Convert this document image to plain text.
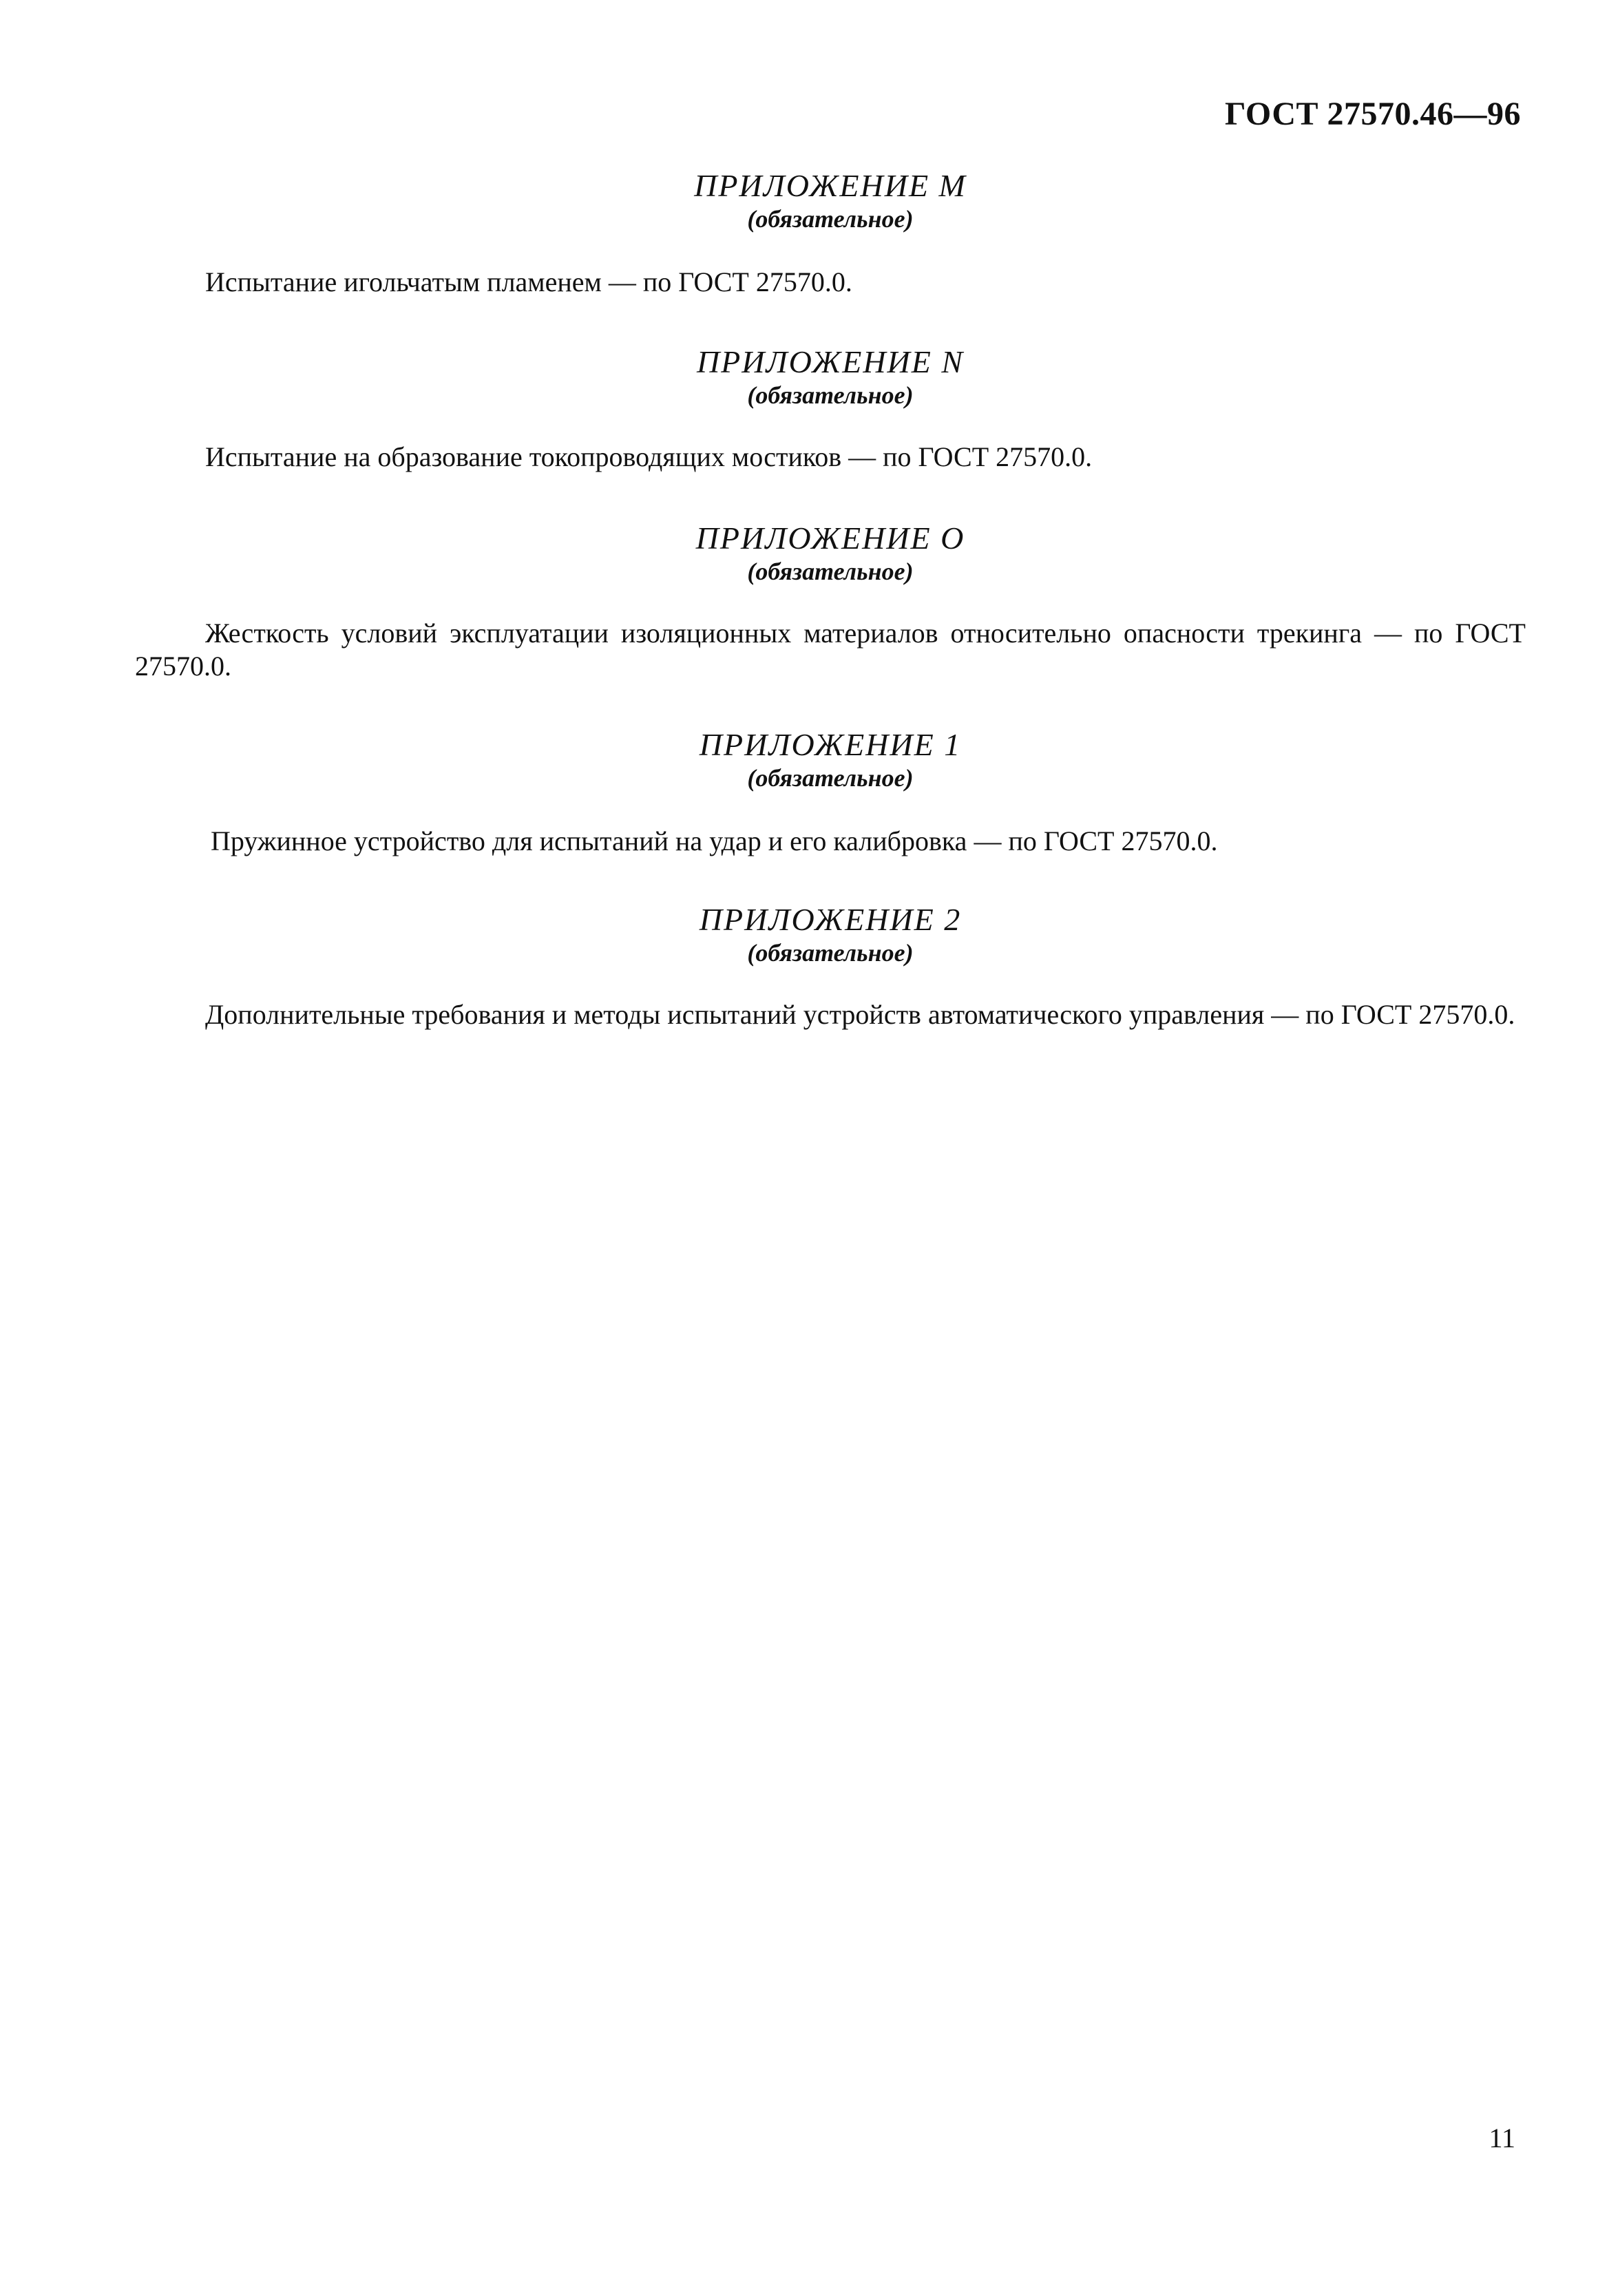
ГОСТ 27570.46—96
ПРИЛОЖЕНИЕ M
(обязательное)
Испытание игольчатым пламенем — по ГОСТ 27570.0.
ПРИЛОЖЕНИЕ N
(обязательное)
Испытание на образование токопроводящих мостиков — по ГОСТ 27570.0.
ПРИЛОЖЕНИЕ O
(обязательное)
Жесткость условий эксплуатации изоляционных материалов относительно опасности трекинга — по ГОСТ 27570.0.
ПРИЛОЖЕНИЕ 1
(обязательное)
Пружинное устройство для испытаний на удар и его калибровка — по ГОСТ 27570.0.
ПРИЛОЖЕНИЕ 2
(обязательное)
Дополнительные требования и методы испытаний устройств автоматического управления — по ГОСТ 27570.0.
11
